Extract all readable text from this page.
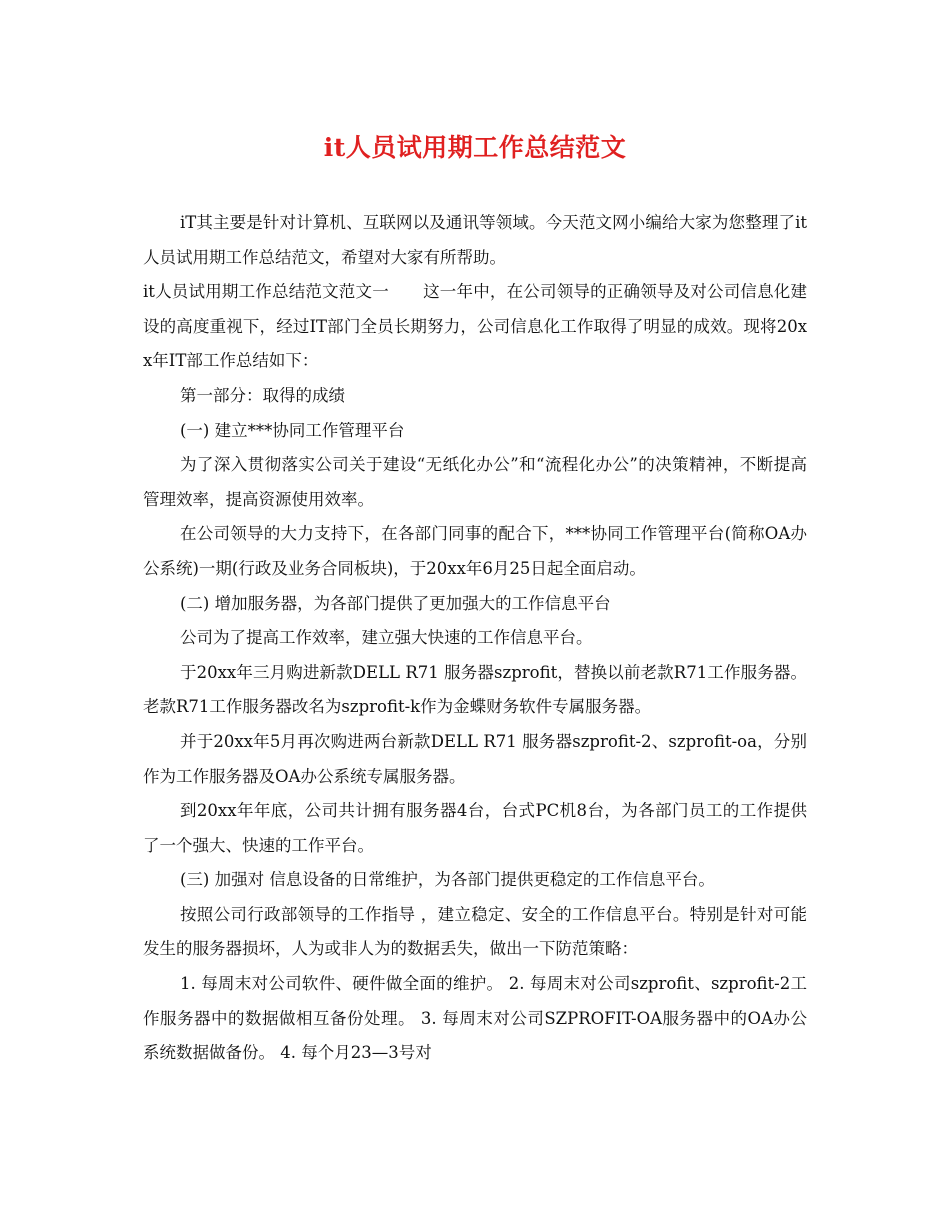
it人员试用期工作总结范文

iT其主要是针对计算机、互联网以及通讯等领域。今天范文网小编给大家为您整理了it人员试用期工作总结范文，希望对大家有所帮助。

it人员试用期工作总结范文范文一 这一年中，在公司领导的正确领导及对公司信息化建设的高度重视下，经过IT部门全员长期努力，公司信息化工作取得了明显的成效。现将20xx年IT部工作总结如下：

第一部分：取得的成绩

(一) 建立***协同工作管理平台

为了深入贯彻落实公司关于建设“无纸化办公”和“流程化办公”的决策精神，不断提高管理效率，提高资源使用效率。

在公司领导的大力支持下，在各部门同事的配合下，***协同工作管理平台(简称OA办公系统)一期(行政及业务合同板块)，于20xx年6月25日起全面启动。

(二) 增加服务器，为各部门提供了更加强大的工作信息平台

公司为了提高工作效率，建立强大快速的工作信息平台。

于20xx年三月购进新款DELL R71 服务器szprofit，替换以前老款R71工作服务器。老款R71工作服务器改名为szprofit-k作为金蝶财务软件专属服务器。

并于20xx年5月再次购进两台新款DELL R71 服务器szprofit-2、szprofit-oa，分别作为工作服务器及OA办公系统专属服务器。

到20xx年年底，公司共计拥有服务器4台，台式PC机8台，为各部门员工的工作提供了一个强大、快速的工作平台。

(三) 加强对 信息设备的日常维护，为各部门提供更稳定的工作信息平台。

按照公司行政部领导的工作指导 ，建立稳定、安全的工作信息平台。特别是针对可能发生的服务器损坏，人为或非人为的数据丢失，做出一下防范策略：

1. 每周末对公司软件、硬件做全面的维护。 2. 每周末对公司szprofit、szprofit-2工作服务器中的数据做相互备份处理。 3. 每周末对公司SZPROFIT-OA服务器中的OA办公系统数据做备份。 4. 每个月23—3号对
